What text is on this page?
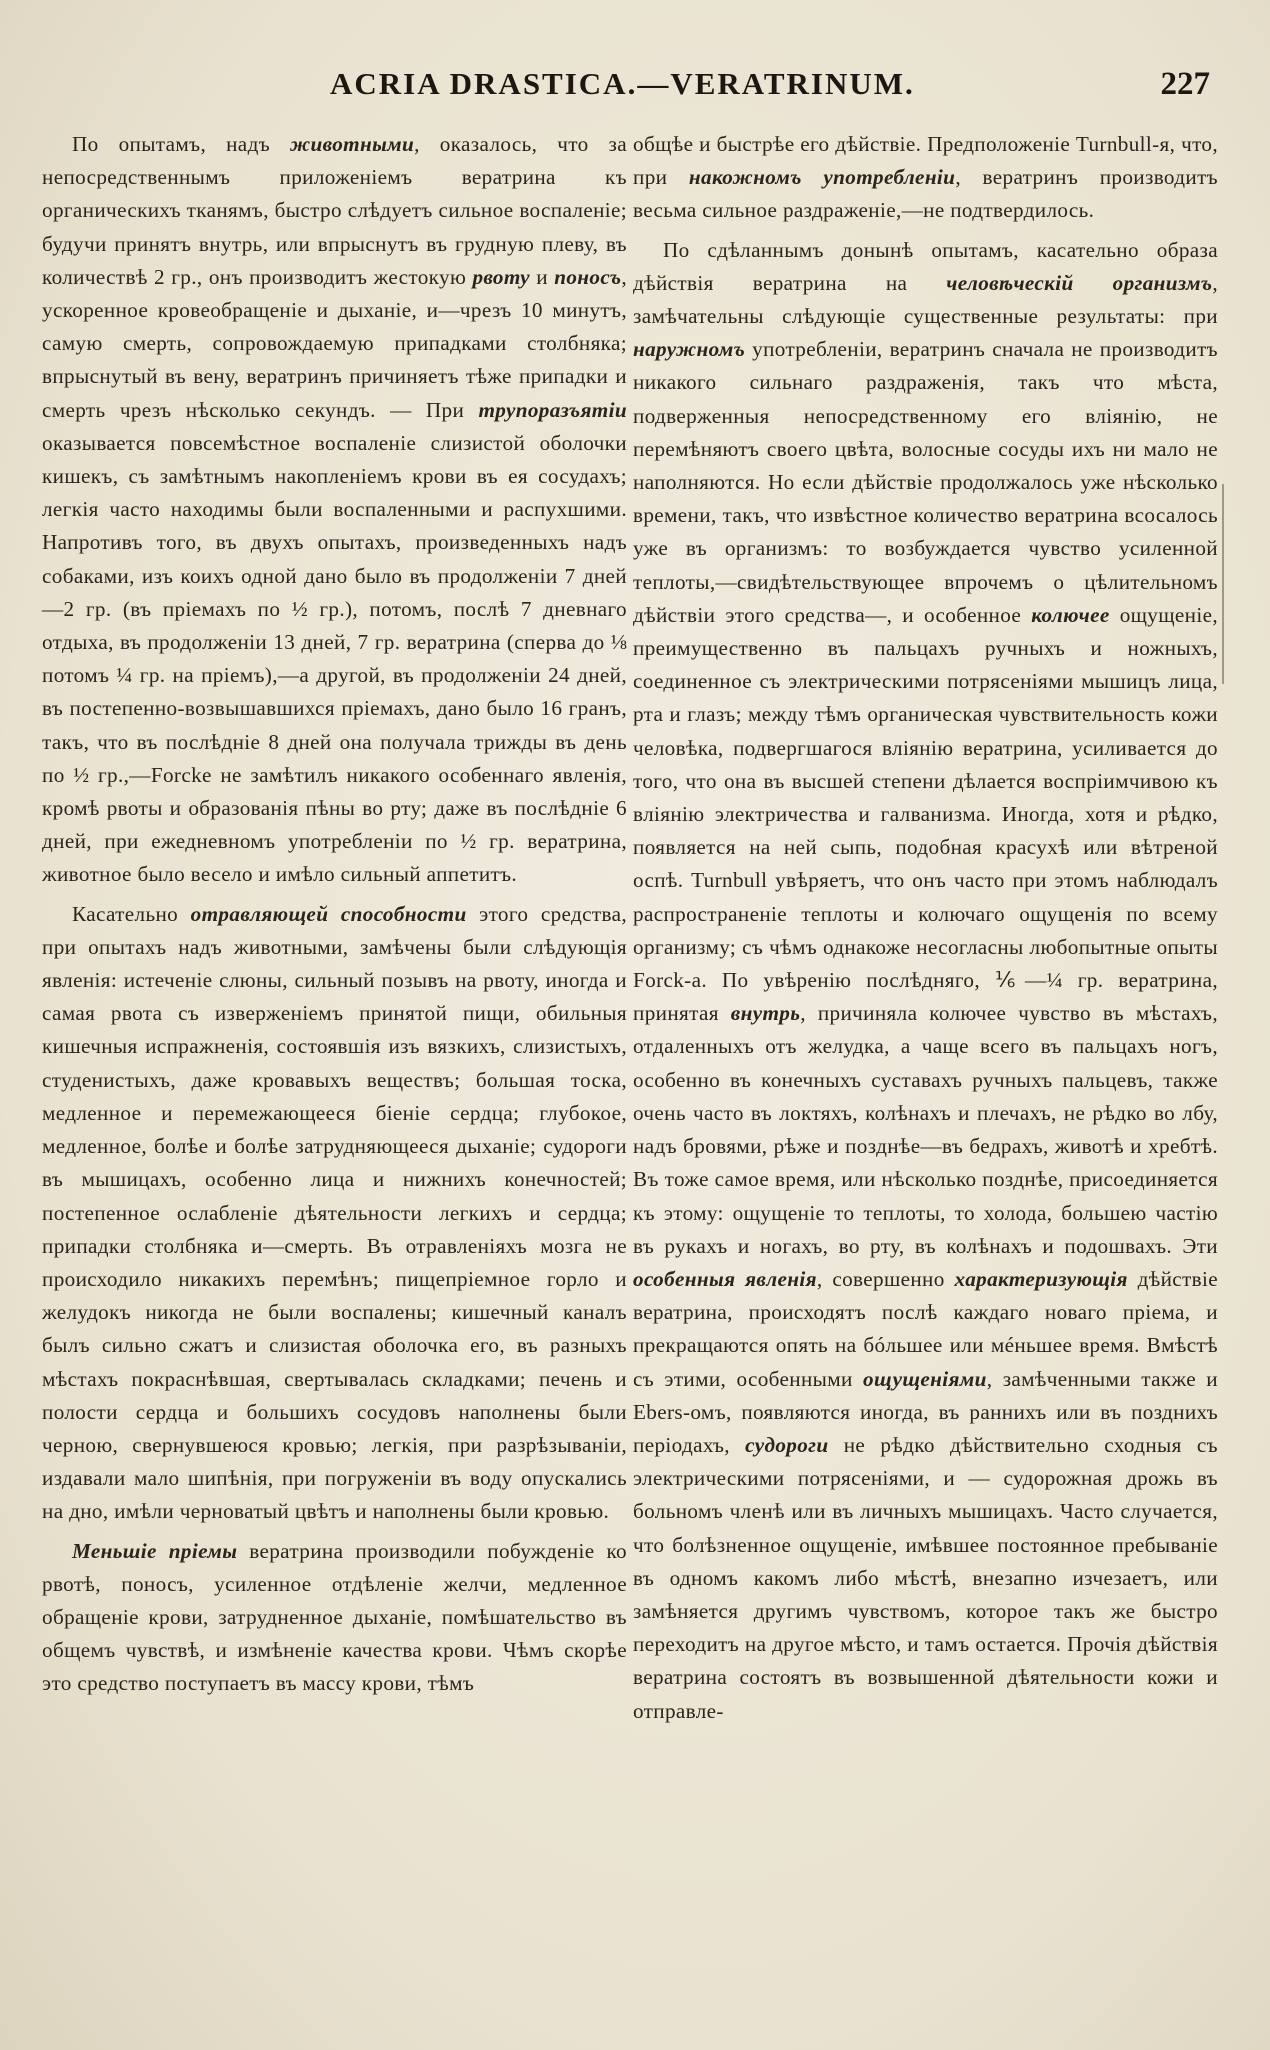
ACRIA DRASTICA.—VERATRINUM.	227

По опытамъ, надъ животными, оказалось, что за непосредственнымъ приложеніемъ вератрина къ органическихъ тканямъ, быстро слѣдуетъ сильное воспаленіе; будучи принятъ внутрь, или впрыснутъ въ грудную плеву, въ количествѣ 2 гр., онъ производитъ жестокую рвоту и поносъ, ускоренное кровеобращеніе и дыханіе, и—чрезъ 10 минутъ, самую смерть, сопровождаемую припадками столбняка; впрыснутый въ вену, вератринъ причиняетъ тѣже припадки и смерть чрезъ нѣсколько секундъ. — При трупоразъятіи оказывается повсемѣстное воспаленіе слизистой оболочки кишекъ, съ замѣтнымъ накопленіемъ крови въ ея сосудахъ; легкія часто находимы были воспаленными и распухшими. Напротивъ того, въ двухъ опытахъ, произведенныхъ надъ собаками, изъ коихъ одной дано было въ продолженіи 7 дней—2 гр. (въ пріемахъ по ½ гр.), потомъ, послѣ 7 дневнаго отдыха, въ продолженіи 13 дней, 7 гр. вератрина (сперва до ⅛ потомъ ¼ гр. на пріемъ),—а другой, въ продолженіи 24 дней, въ постепенно-возвышавшихся пріемахъ, дано было 16 гранъ, такъ, что въ послѣдніе 8 дней она получала трижды въ день по ½ гр.,—Forcke не замѣтилъ никакого особеннаго явленія, кромѣ рвоты и образованія пѣны во рту; даже въ послѣдніе 6 дней, при ежедневномъ употребленіи по ½ гр. вератрина, животное было весело и имѣло сильный аппетитъ.

Касательно отравляющей способности этого средства, при опытахъ надъ животными, замѣчены были слѣдующія явленія: истеченіе слюны, сильный позывъ на рвоту, иногда и самая рвота съ изверженіемъ принятой пищи, обильныя кишечныя испражненія, состоявшія изъ вязкихъ, слизистыхъ, студенистыхъ, даже кровавыхъ веществъ; большая тоска, медленное и перемежающееся біеніе сердца; глубокое, медленное, болѣе и болѣе затрудняющееся дыханіе; судороги въ мышицахъ, особенно лица и нижнихъ конечностей; постепенное ослабленіе дѣятельности легкихъ и сердца; припадки столбняка и—смерть. Въ отравленіяхъ мозга не происходило никакихъ перемѣнъ; пищепріемное горло и желудокъ никогда не были воспалены; кишечный каналъ былъ сильно сжатъ и слизистая оболочка его, въ разныхъ мѣстахъ покраснѣвшая, свертывалась складками; печень и полости сердца и большихъ сосудовъ наполнены были черною, свернувшеюся кровью; легкія, при разрѣзываніи, издавали мало шипѣнія, при погруженіи въ воду опускались на дно, имѣли черноватый цвѣтъ и наполнены были кровью.

Меньшіе пріемы вератрина производили побужденіе ко рвотѣ, поносъ, усиленное отдѣленіе желчи, медленное обращеніе крови, затрудненное дыханіе, помѣшательство въ общемъ чувствѣ, и измѣненіе качества крови. Чѣмъ скорѣе это средство поступаетъ въ массу крови, тѣмъ

общѣе и быстрѣе его дѣйствіе. Предположеніе Turnbull-я, что, при накожномъ употребленіи, вератринъ производитъ весьма сильное раздраженіе,—не подтвердилось.

По сдѣланнымъ донынѣ опытамъ, касательно образа дѣйствія вератрина на человѣческій организмъ, замѣчательны слѣдующіе существенные результаты: при наружномъ употребленіи, вератринъ сначала не производитъ никакого сильнаго раздраженія, такъ что мѣста, подверженныя непосредственному его вліянію, не перемѣняютъ своего цвѣта, волосные сосуды ихъ ни мало не наполняются. Но если дѣйствіе продолжалось уже нѣсколько времени, такъ, что извѣстное количество вератрина всосалось уже въ организмъ: то возбуждается чувство усиленной теплоты,—свидѣтельствующее впрочемъ о цѣлительномъ дѣйствіи этого средства—, и особенное колючее ощущеніе, преимущественно въ пальцахъ ручныхъ и ножныхъ, соединенное съ электрическими потрясеніями мышицъ лица, рта и глазъ; между тѣмъ органическая чувствительность кожи человѣка, подвергшагося вліянію вератрина, усиливается до того, что она въ высшей степени дѣлается воспріимчивою къ вліянію электричества и галванизма. Иногда, хотя и рѣдко, появляется на ней сыпь, подобная красухѣ или вѣтреной оспѣ. Turnbull увѣряетъ, что онъ часто при этомъ наблюдалъ распространеніе теплоты и колючаго ощущенія по всему организму; съ чѣмъ однакоже несогласны любопытные опыты Forck-а. По увѣренію послѣдняго, ⅙—¼ гр. вератрина, принятая внутрь, причиняла колючее чувство въ мѣстахъ, отдаленныхъ отъ желудка, а чаще всего въ пальцахъ ногъ, особенно въ конечныхъ суставахъ ручныхъ пальцевъ, также очень часто въ локтяхъ, колѣнахъ и плечахъ, не рѣдко во лбу, надъ бровями, рѣже и позднѣе—въ бедрахъ, животѣ и хребтѣ. Въ тоже самое время, или нѣсколько позднѣе, присоединяется къ этому: ощущеніе то теплоты, то холода, большею частію въ рукахъ и ногахъ, во рту, въ колѣнахъ и подошвахъ. Эти особенныя явленія, совершенно характеризующія дѣйствіе вератрина, происходятъ послѣ каждаго новаго пріема, и прекращаются опять на бóльшее или мéньшее время. Вмѣстѣ съ этими, особенными ощущеніями, замѣченными также и Ebers-омъ, появляются иногда, въ раннихъ или въ позднихъ періодахъ, судороги не рѣдко дѣйствительно сходныя съ электрическими потрясеніями, и — судорожная дрожь въ больномъ членѣ или въ личныхъ мышицахъ. Часто случается, что болѣзненное ощущеніе, имѣвшее постоянное пребываніе въ одномъ какомъ либо мѣстѣ, внезапно изчезаетъ, или замѣняется другимъ чувствомъ, которое такъ же быстро переходитъ на другое мѣсто, и тамъ остается. Прочія дѣйствія вератрина состоятъ въ возвышенной дѣятельности кожи и отправле-
